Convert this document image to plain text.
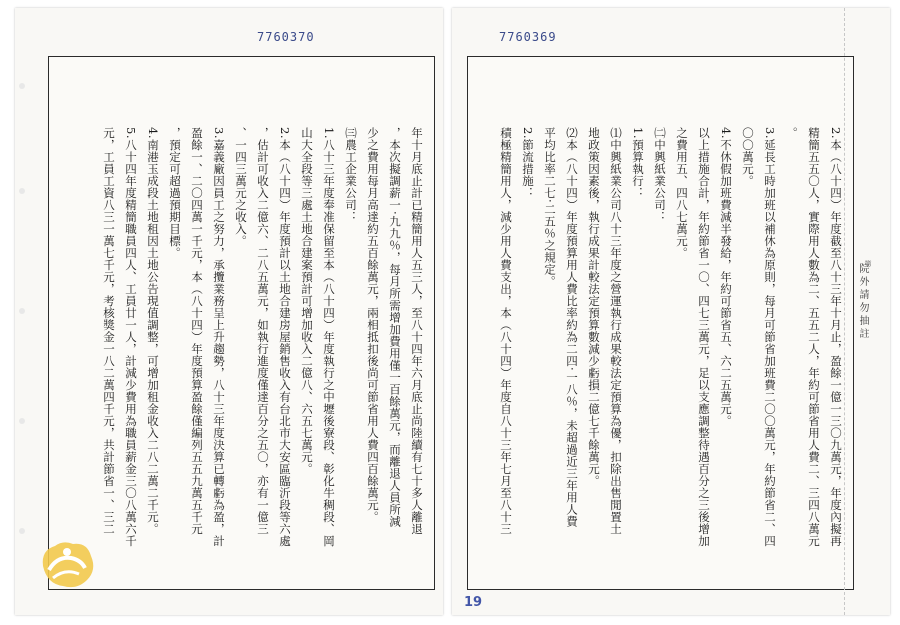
7760370

年十月底止計已精簡用人五三人，至八十四年六月底止尚陸續有七十多人離退

，本次擬調薪一‧九九％，每月所需增加費用僅一百餘萬元，而離退人員所減

少之費用每月高達約五百餘萬元，兩相抵扣後尚可節省用人費四百餘萬元。

㈢農工企業公司：

1.八十三年度奉准保留至本（八十四）年度執行之中壢後寮段、彰化牛稠段、岡

山大全段等三處土地合建案預計可增加收入二億八、六五七萬元。

2.本（八十四）年度預計以土地合建房屋銷售收入有台北市大安區臨沂段等六處

，估計可收入二億六、二八五萬元，如執行進度僅達百分之五〇，亦有一億三

、一四三萬元之收入。

3.嘉義廠因員工之努力，承攬業務呈上升趨勢，八十三年度決算已轉虧為盈，計

盈餘一、二〇四萬一千元，本（八十四）年度預算盈餘僅編列五五九萬五千元

，預定可超過預期目標。

4.南港玉成段土地租因土地公告現值調整，可增加租金收入二八二萬二千元。

5.八十四年度精簡職員四人、工員廿一人，計減少費用為職員薪金三〇八萬六千

元，工員工資八三一萬七千元，考核獎金一八二萬四千元，共計節省一、三二

7760369

2.本（八十四）年度截至八十三年十月止，盈餘一億一三〇九萬元，年度內擬再

精簡五五〇人，實際用人數為二、五五二人，年約可節省用人費二、三四八萬元

。

3.延長工時加班以補休為原則，每月可節省加班費二〇〇萬元，年約節省二、四

〇〇萬元。

4.不休假加班費減半發給，年約可節省五、六二五萬元。

以上措施合計，年約節省一〇、四七三萬元，足以支應調整待遇百分之三後增加

之費用五、四八七萬元。

㈡中興紙業公司：

1.預算執行：

⑴中興紙業公司八十三年度之營運執行成果較法定預算為優，扣除出售閒置土

地政策因素後，執行成果計較法定預算數減少虧損二億七千餘萬元。

⑵本（八十四）年度預算用人費比率約為二四‧一八％，未超過近三年用人費

平均比率二七‧二五％之規定。

2.節流措施：

積極精簡用人，減少用人費支出，本（八十四）年度自八十三年七月至八十三

19
第
院外請勿抽註
